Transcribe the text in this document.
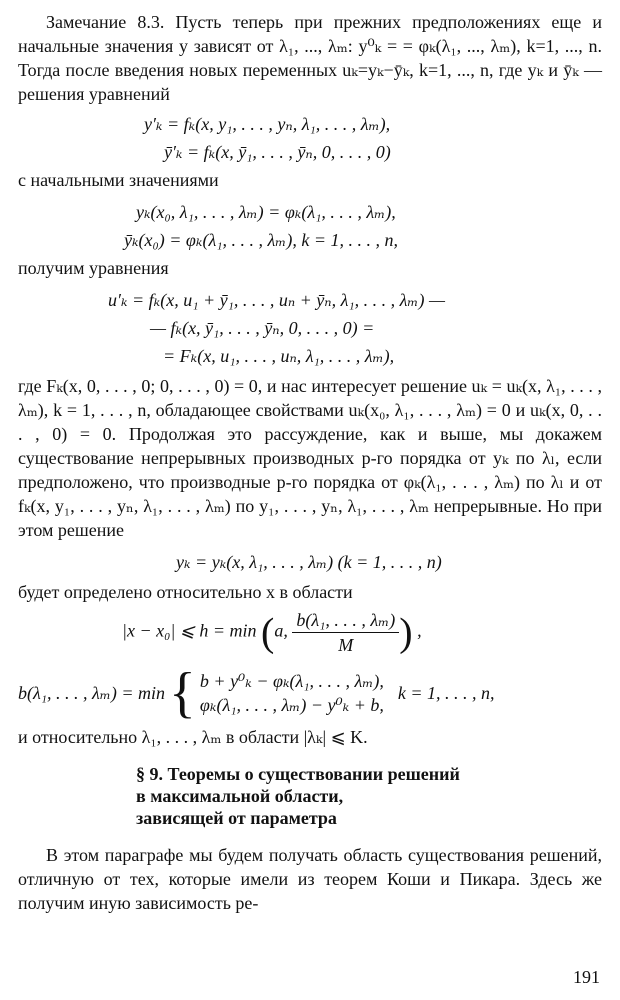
Замечание 8.3. Пусть теперь при прежних предположениях еще и начальные значения y зависят от λ₁, ..., λₘ: y⁰ₖ = = φₖ(λ₁, ..., λₘ), k=1, ..., n. Тогда после введения новых переменных uₖ=yₖ−ȳₖ, k=1, ..., n, где yₖ и ȳₖ — решения уравнений

y′ₖ = fₖ(x, y₁, . . . , yₙ, λ₁, . . . , λₘ),

ȳ′ₖ = fₖ(x, ȳ₁, . . . , ȳₙ, 0, . . . , 0)

с начальными значениями

yₖ(x₀, λ₁, . . . , λₘ) = φₖ(λ₁, . . . , λₘ),

ȳₖ(x₀) = φₖ(λ₁, . . . , λₘ), k = 1, . . . , n,

получим уравнения

u′ₖ = fₖ(x, u₁ + ȳ₁, . . . , uₙ + ȳₙ, λ₁, . . . , λₘ) —

— fₖ(x, ȳ₁, . . . , ȳₙ, 0, . . . , 0) =

= Fₖ(x, u₁, . . . , uₙ, λ₁, . . . , λₘ),

где Fₖ(x, 0, . . . , 0; 0, . . . , 0) = 0, и нас интересует решение uₖ = uₖ(x, λ₁, . . . , λₘ), k = 1, . . . , n, обладающее свойствами uₖ(x₀, λ₁, . . . , λₘ) = 0 и uₖ(x, 0, . . . , 0) = 0. Продолжая это рассуждение, как и выше, мы докажем существование непрерывных производных p-го порядка от yₖ по λₗ, если предположено, что производные p-го порядка от φₖ(λ₁, . . . , λₘ) по λₗ и от fₖ(x, y₁, . . . , yₙ, λ₁, . . . , λₘ) по y₁, . . . , yₙ, λ₁, . . . , λₘ непрерывные. Но при этом решение

yₖ = yₖ(x, λ₁, . . . , λₘ) (k = 1, . . . , n)

будет определено относительно x в области

|x − x₀| ⩽ h = min (a, $\frac{\text{b(λ₁, . . . , λₘ)}}{M}$ ) ,
b(λ₁, . . . , λₘ) = min { b + y⁰ₖ − φₖ(λ₁, . . . , λₘ),
φₖ(λ₁, . . . , λₘ) − y⁰ₖ + b,
k = 1, . . . , n,

и относительно λ₁, . . . , λₘ в области |λₖ| ⩽ K.

§ 9. Теоремы о существовании решений
в максимальной области,
зависящей от параметра

В этом параграфе мы будем получать область существования решений, отличную от тех, которые имели из теорем Коши и Пикара. Здесь же получим иную зависимость ре-

191
